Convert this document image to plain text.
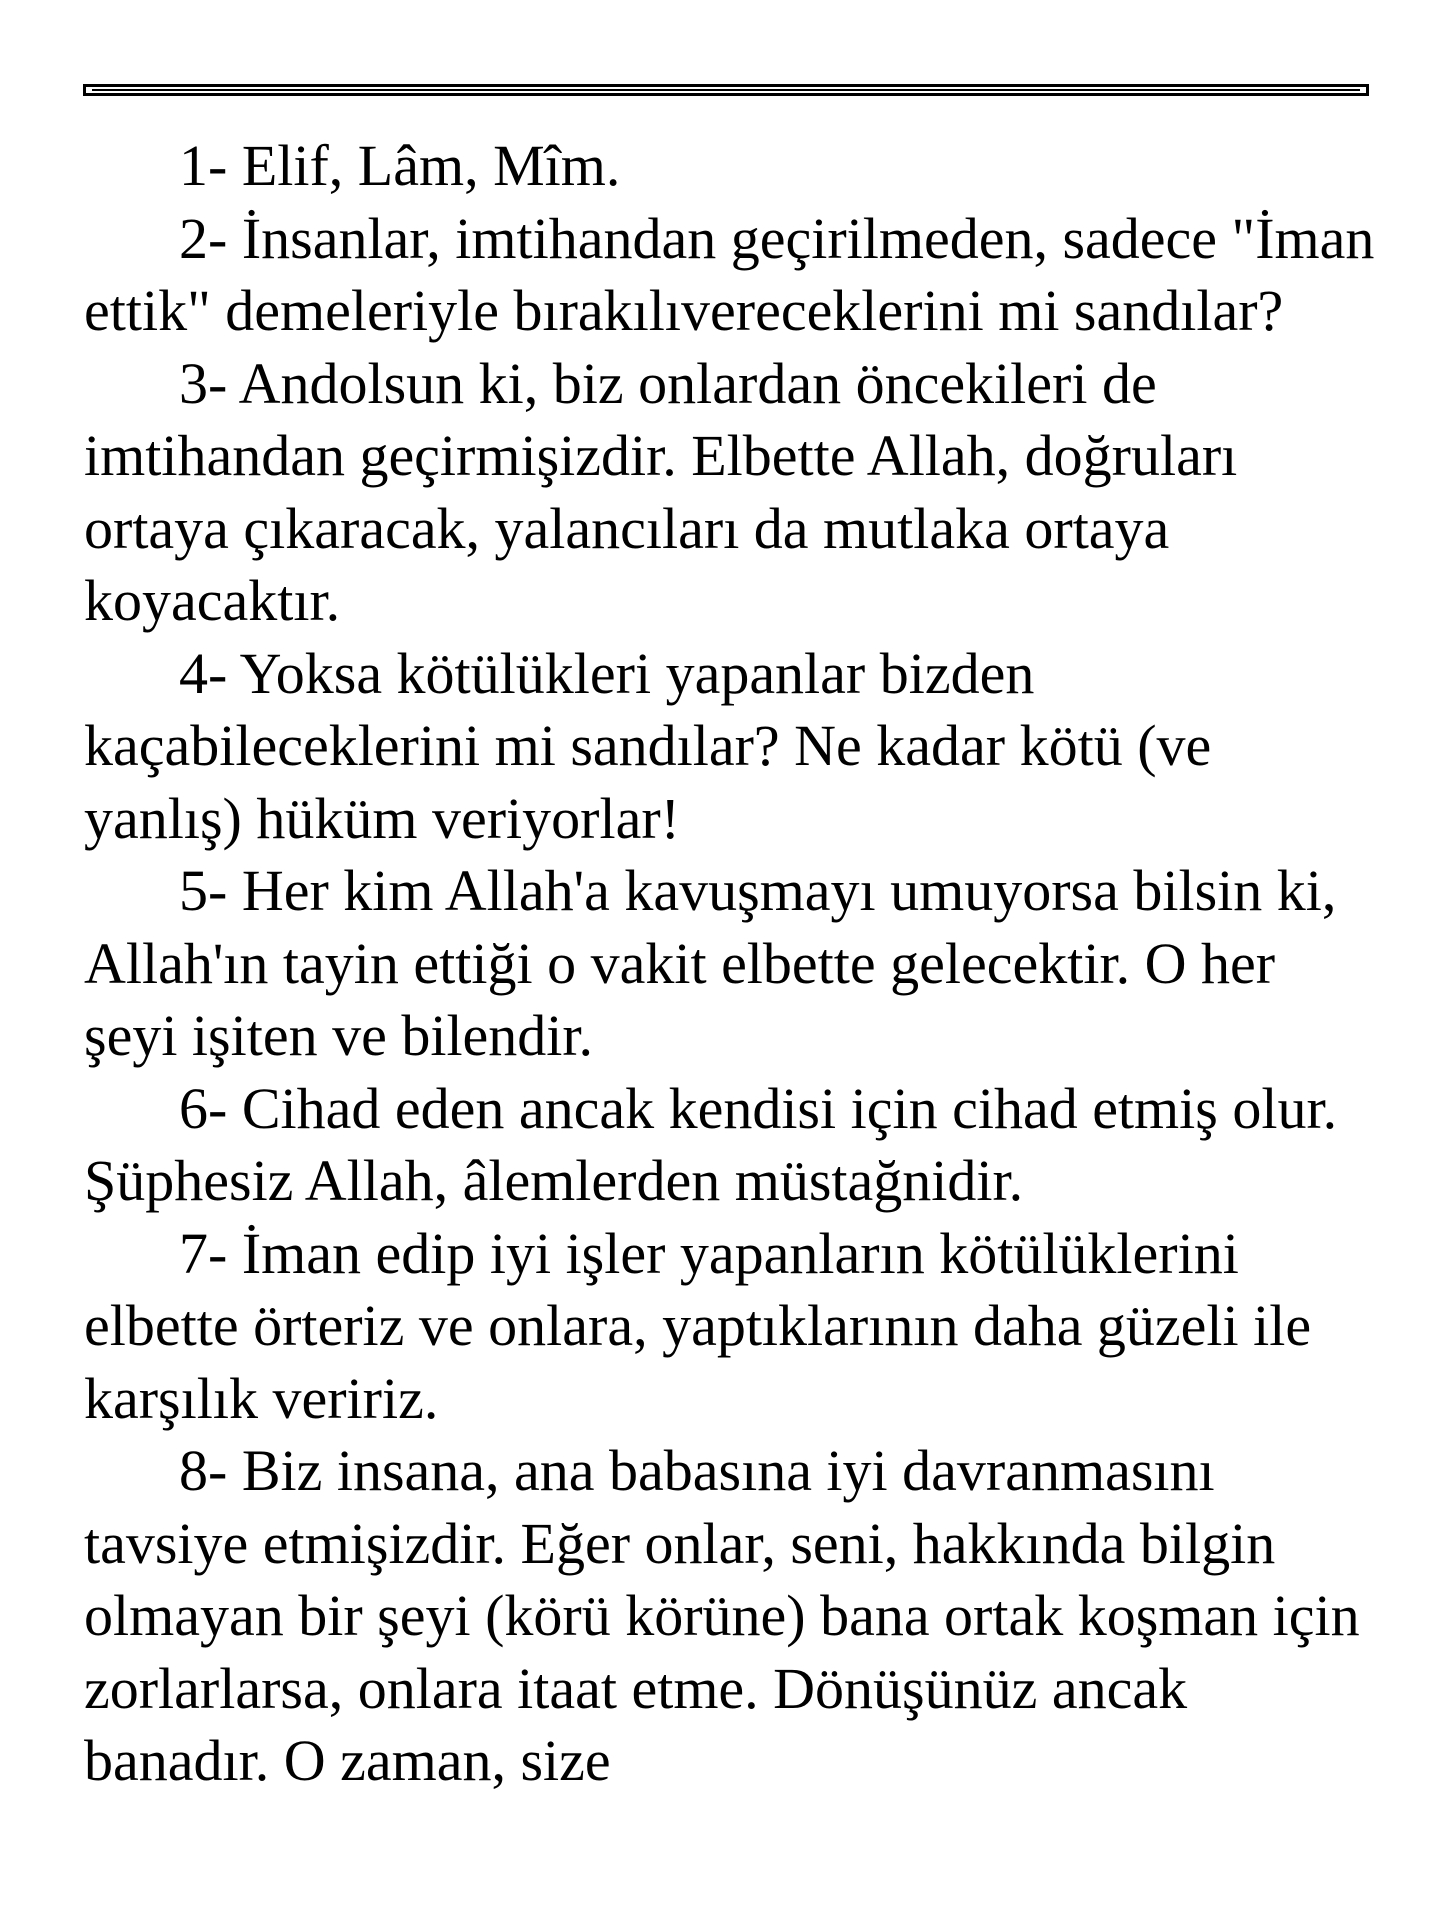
1- Elif, Lâm, Mîm.

2- İnsanlar, imtihandan geçirilmeden, sadece "İman ettik" demeleriyle bırakılıvereceklerini mi sandılar?

3- Andolsun ki, biz onlardan öncekileri de imtihandan geçirmişizdir. Elbette Allah, doğruları ortaya çıkaracak, yalancıları da mutlaka ortaya koyacaktır.

4- Yoksa kötülükleri yapanlar bizden kaçabileceklerini mi sandılar? Ne kadar kötü (ve yanlış) hüküm veriyorlar!

5- Her kim Allah'a kavuşmayı umuyorsa bilsin ki, Allah'ın tayin ettiği o vakit elbette gelecektir. O her şeyi işiten ve bilendir.

6- Cihad eden ancak kendisi için cihad etmiş olur. Şüphesiz Allah, âlemlerden müstağnidir.

7- İman edip iyi işler yapanların kötülüklerini elbette örteriz ve onlara, yaptıklarının daha güzeli ile karşılık veririz.

8- Biz insana, ana babasına iyi davranmasını tavsiye etmişizdir. Eğer onlar, seni, hakkında bilgin olmayan bir şeyi (körü körüne) bana ortak koşman için zorlarlarsa, onlara itaat etme. Dönüşünüz ancak banadır. O zaman, size
